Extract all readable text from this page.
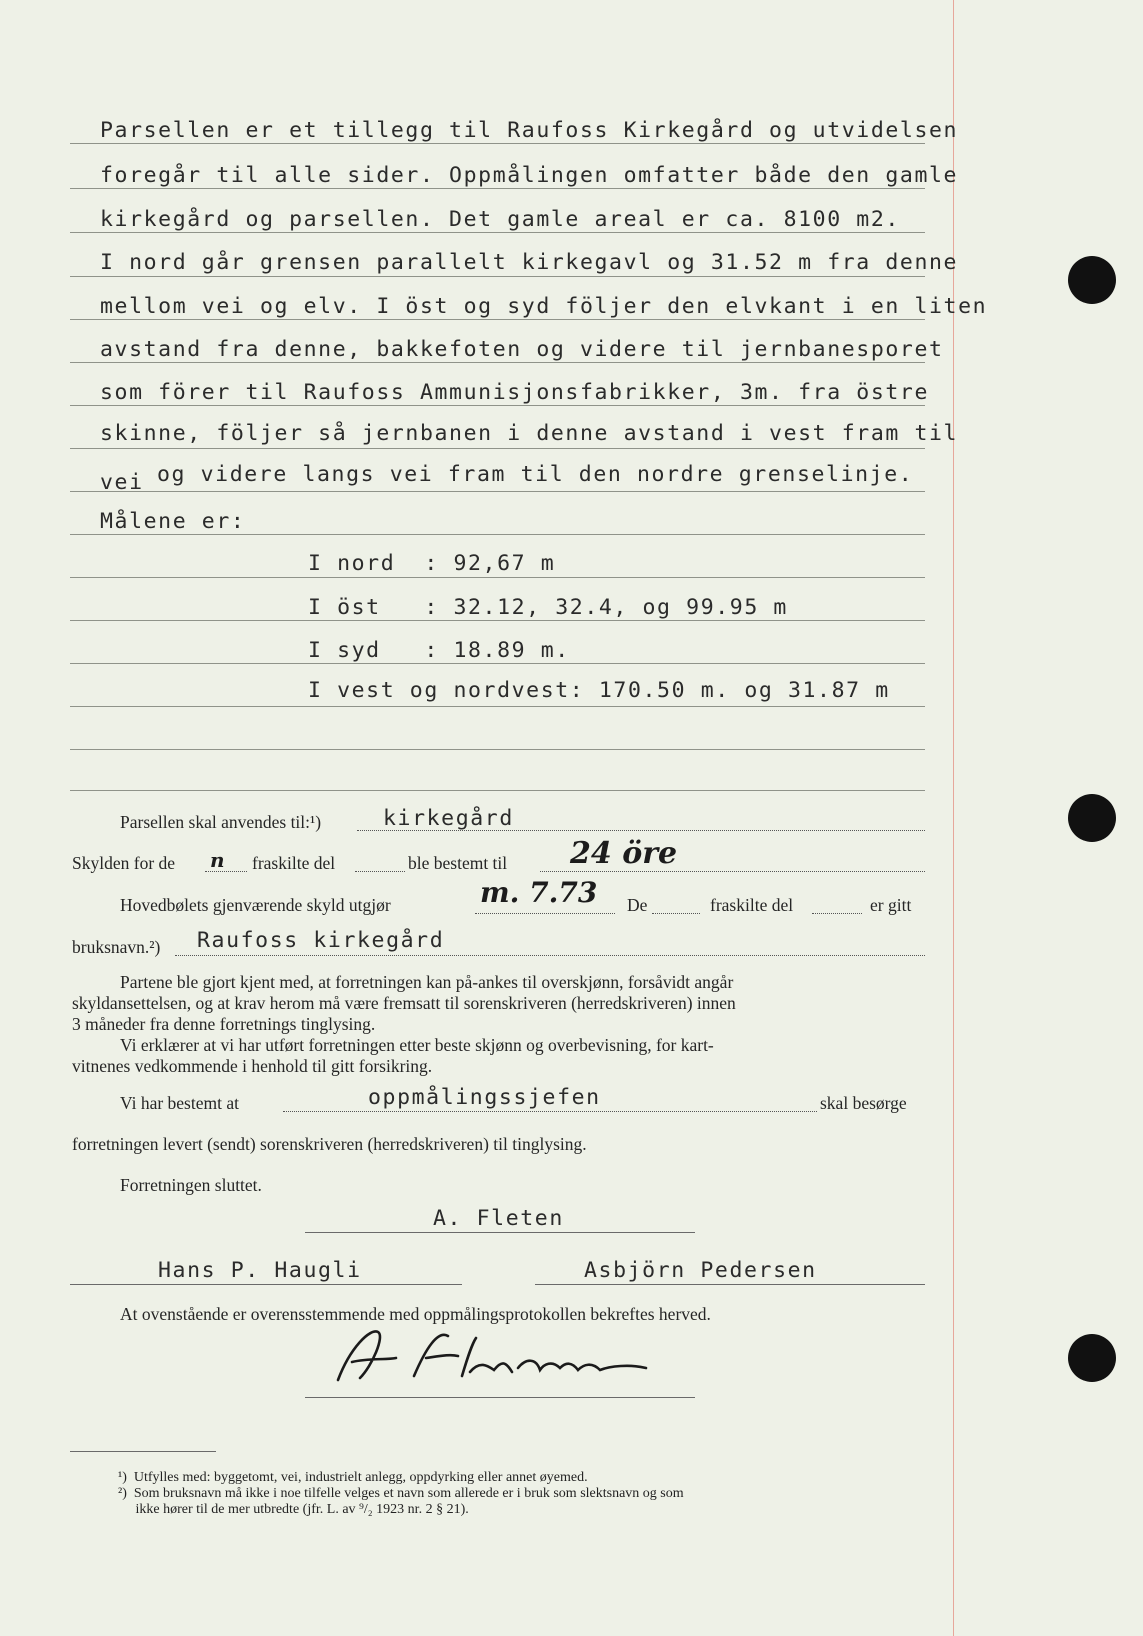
Parsellen er et tillegg til Raufoss Kirkegård og utvidelsen
foregår til alle sider. Oppmålingen omfatter både den gamle
kirkegård og parsellen. Det gamle areal er ca. 8100 m2.
I nord går grensen parallelt kirkegavl og 31.52 m fra denne
mellom vei og elv. I öst og syd följer den elvkant i en liten
avstand fra denne, bakkefoten og videre til jernbanesporet
som förer til Raufoss Ammunisjonsfabrikker, 3m. fra östre
skinne, följer så jernbanen i denne avstand i vest fram til
vei og videre langs vei fram til den nordre grenselinje.
Målene er:
I nord  : 92,67 m
I öst   : 32.12, 32.4, og 99.95 m
I syd   : 18.89 m.
I vest og nordvest: 170.50 m. og 31.87 m
Parsellen skal anvendes til:¹)	kirkegård
Skylden for de n fraskilte del	ble bestemt til 24 öre
Hovedbølets gjenværende skyld utgjør	m. 7.73 De	fraskilte del	er gitt
bruksnavn.²) Raufoss kirkegård
Partene ble gjort kjent med, at forretningen kan på-ankes til overskjønn, forsåvidt angår
skyldansettelsen, og at krav herom må være fremsatt til sorenskriveren (herredskriveren) innen
3 måneder fra denne forretnings tinglysing.
Vi erklærer at vi har utført forretningen etter beste skjønn og overbevisning, for kart-
vitnenes vedkommende i henhold til gitt forsikring.
Vi har bestemt at	oppmålingssjefen	skal besørge
forretningen levert (sendt) sorenskriveren (herredskriveren) til tinglysing.
Forretningen sluttet.
A. Fleten
Hans P. Haugli	Asbjörn Pedersen
At ovenstående er overensstemmende med oppmålingsprotokollen bekreftes herved.
¹)  Utfylles med: byggetomt, vei, industrielt anlegg, oppdyrking eller annet øyemed.
²)  Som bruksnavn må ikke i noe tilfelle velges et navn som allerede er i bruk som slektsnavn og som
ikke hører til de mer utbredte (jfr. L. av ⁹/₂ 1923 nr. 2 § 21).
